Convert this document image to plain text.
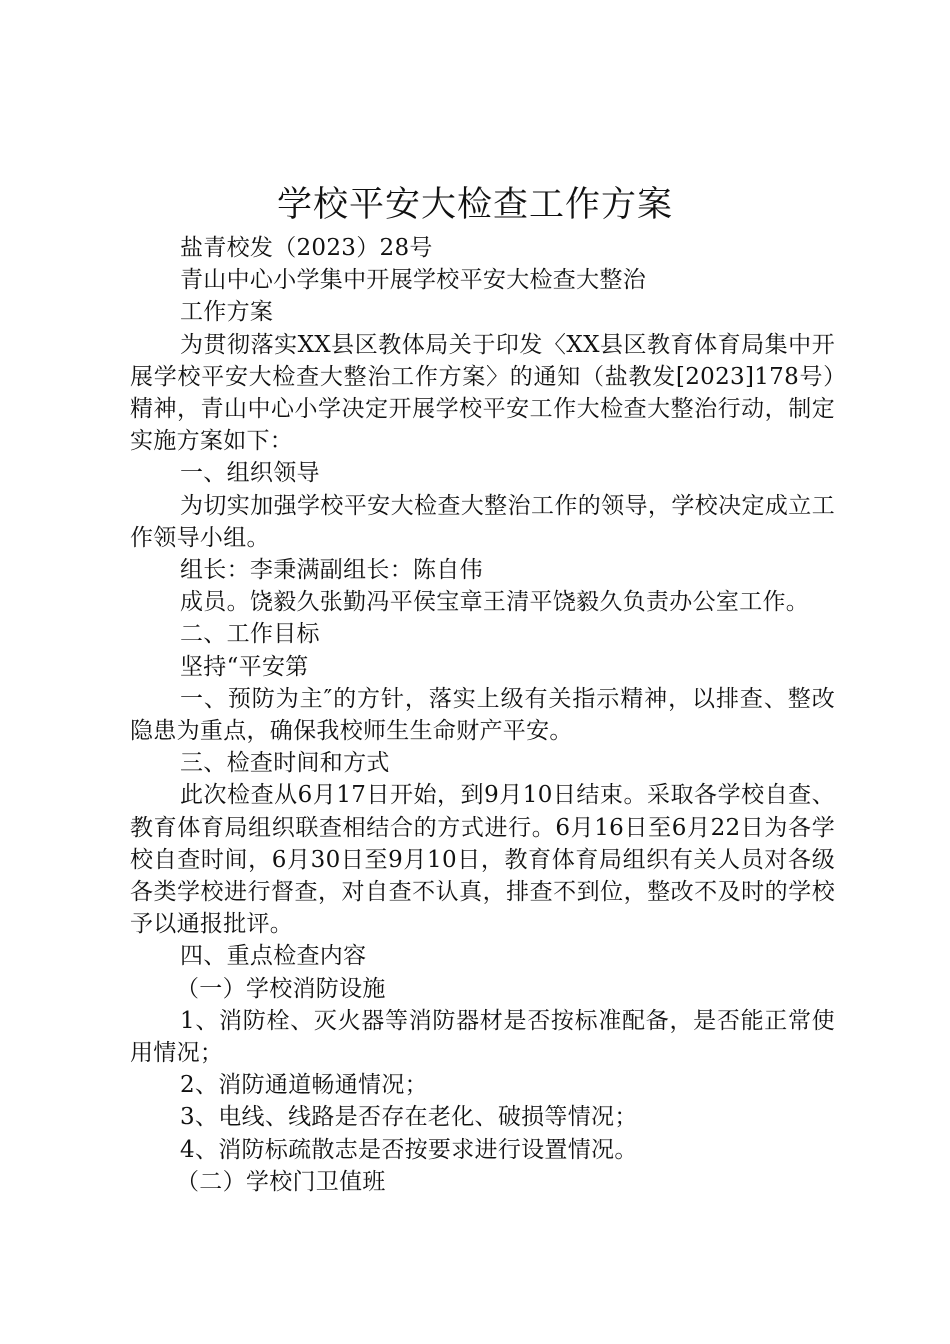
学校平安大检查工作方案

盐青校发（2023）28号

青山中心小学集中开展学校平安大检查大整治

工作方案

为贯彻落实XX县区教体局关于印发〈XX县区教育体育局集中开展学校平安大检查大整治工作方案〉的通知（盐教发[2023]178号）精神，青山中心小学决定开展学校平安工作大检查大整治行动，制定实施方案如下：

一、组织领导

为切实加强学校平安大检查大整治工作的领导，学校决定成立工作领导小组。

组长：李秉满副组长：陈自伟

成员。饶毅久张勤冯平侯宝章王清平饶毅久负责办公室工作。

二、工作目标

坚持“平安第

一、预防为主″的方针，落实上级有关指示精神，以排查、整改隐患为重点，确保我校师生生命财产平安。

三、检查时间和方式

此次检查从6月17日开始，到9月10日结束。采取各学校自查、教育体育局组织联查相结合的方式进行。6月16日至6月22日为各学校自查时间，6月30日至9月10日，教育体育局组织有关人员对各级各类学校进行督查，对自查不认真，排查不到位，整改不及时的学校予以通报批评。

四、重点检查内容

（一）学校消防设施

1、消防栓、灭火器等消防器材是否按标准配备，是否能正常使用情况；

2、消防通道畅通情况；

3、电线、线路是否存在老化、破损等情况；

4、消防标疏散志是否按要求进行设置情况。

（二）学校门卫值班
